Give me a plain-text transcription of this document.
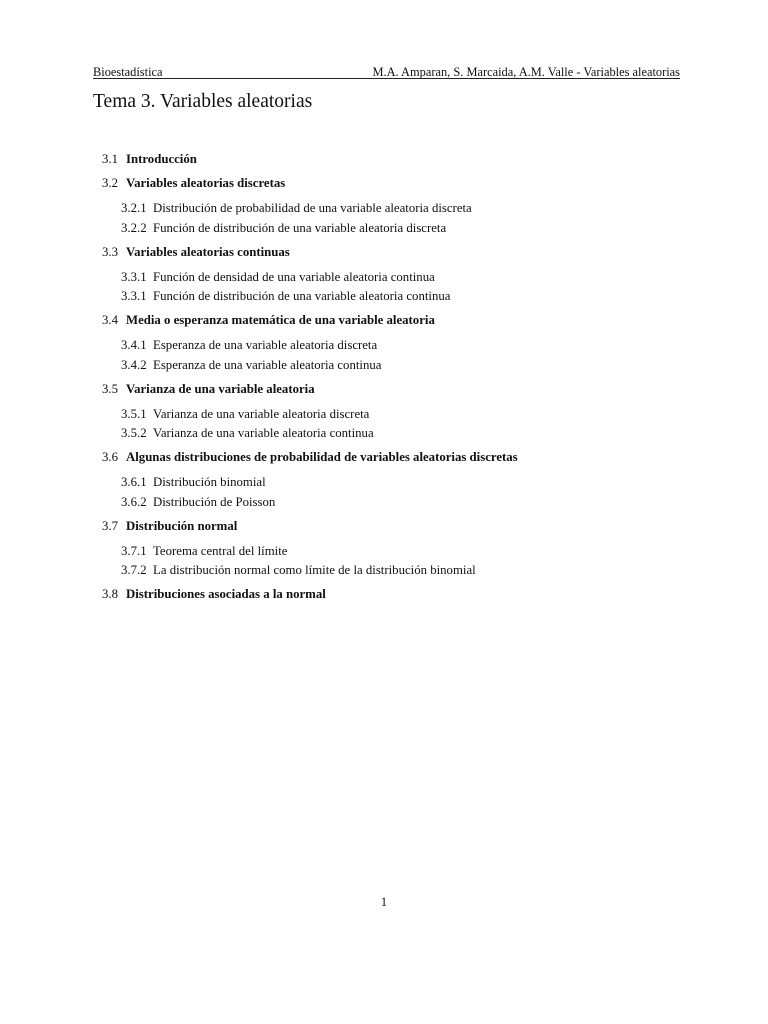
Bioestadística	M.A. Amparan, S. Marcaida, A.M. Valle - Variables aleatorias
Tema 3. Variables aleatorias
3.1 Introducción
3.2 Variables aleatorias discretas
3.2.1 Distribución de probabilidad de una variable aleatoria discreta
3.2.2 Función de distribución de una variable aleatoria discreta
3.3 Variables aleatorias continuas
3.3.1 Función de densidad de una variable aleatoria continua
3.3.1 Función de distribución de una variable aleatoria continua
3.4 Media o esperanza matemática de una variable aleatoria
3.4.1 Esperanza de una variable aleatoria discreta
3.4.2 Esperanza de una variable aleatoria continua
3.5 Varianza de una variable aleatoria
3.5.1 Varianza de una variable aleatoria discreta
3.5.2 Varianza de una variable aleatoria continua
3.6 Algunas distribuciones de probabilidad de variables aleatorias discretas
3.6.1 Distribución binomial
3.6.2 Distribución de Poisson
3.7 Distribución normal
3.7.1 Teorema central del límite
3.7.2 La distribución normal como límite de la distribución binomial
3.8 Distribuciones asociadas a la normal
1
